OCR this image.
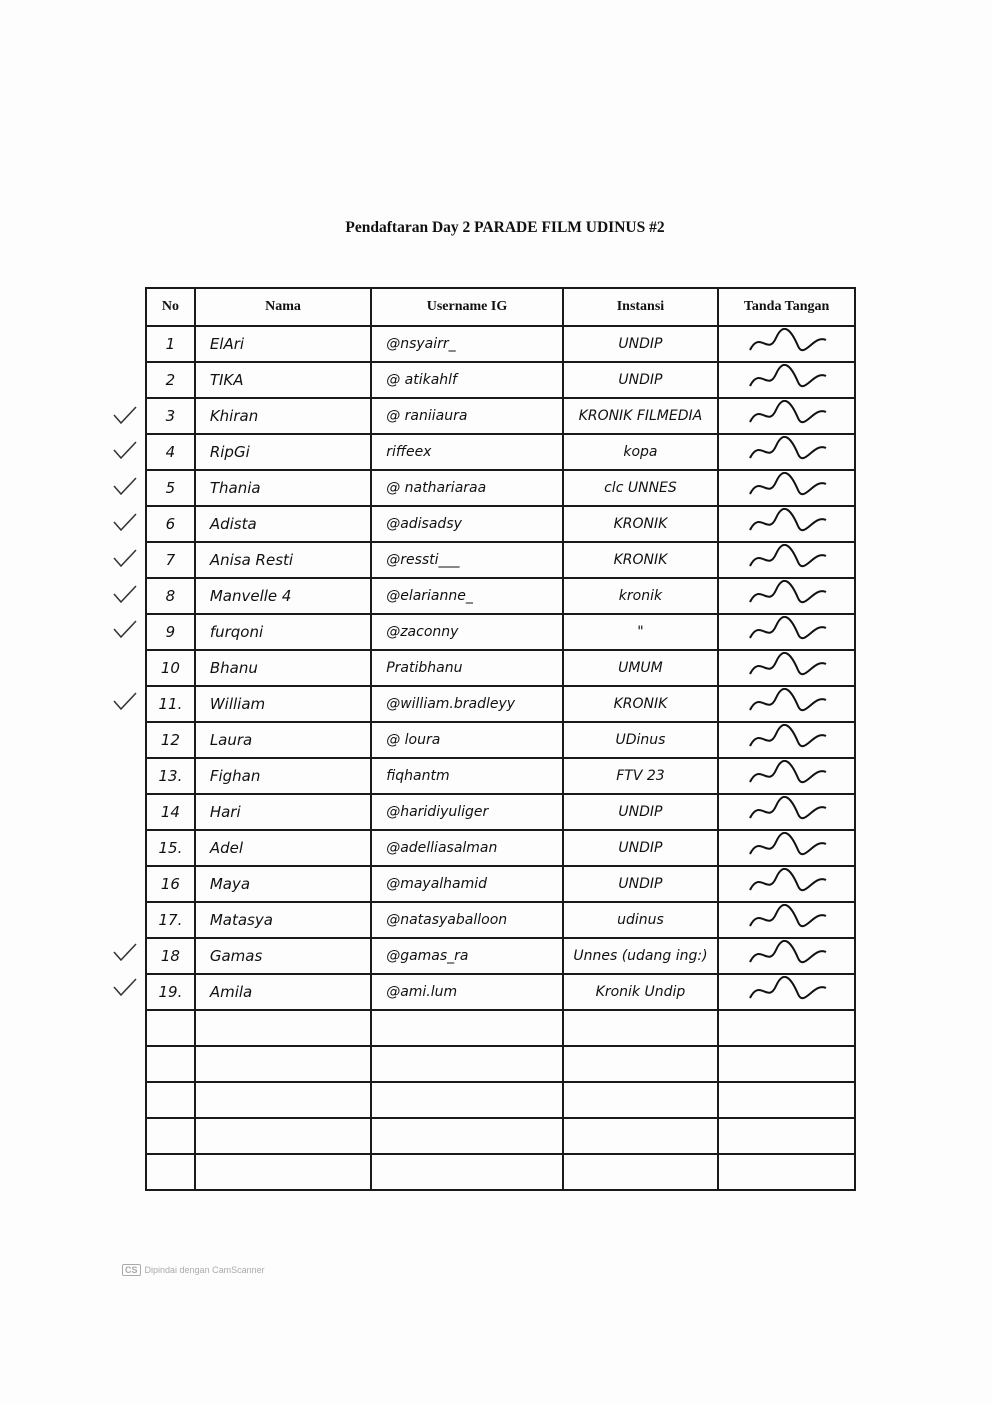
Pendaftaran Day 2 PARADE FILM UDINUS #2
No	Nama	Username IG	Instansi	Tanda Tangan
1	ElAri	@nsyairr_	UNDIP	
2	TIKA	@ atikahlf	UNDIP	
3	Khiran	@ raniiaura	KRONIK FILMEDIA	
4	RipGi	riffeex	kopa	
5	Thania	@ nathariaraa	clc UNNES	
6	Adista	@adisadsy	KRONIK	
7	Anisa Resti	@ressti___	KRONIK	
8	Manvelle 4	@elarianne_	kronik	
9	furqoni	@zaconny	"	
10	Bhanu	Pratibhanu	UMUM	
11.	William	@william.bradleyy	KRONIK	
12	Laura	@ loura	UDinus	
13.	Fighan	fiqhantm	FTV 23	
14	Hari	@haridiyuliger	UNDIP	
15.	Adel	@adelliasalman	UNDIP	
16	Maya	@mayalhamid	UNDIP	
17.	Matasya	@natasyaballoon	udinus	
18	Gamas	@gamas_ra	Unnes (udang ing:)	
19.	Amila	@ami.lum	Kronik Undip	

CS Dipindai dengan CamScanner
